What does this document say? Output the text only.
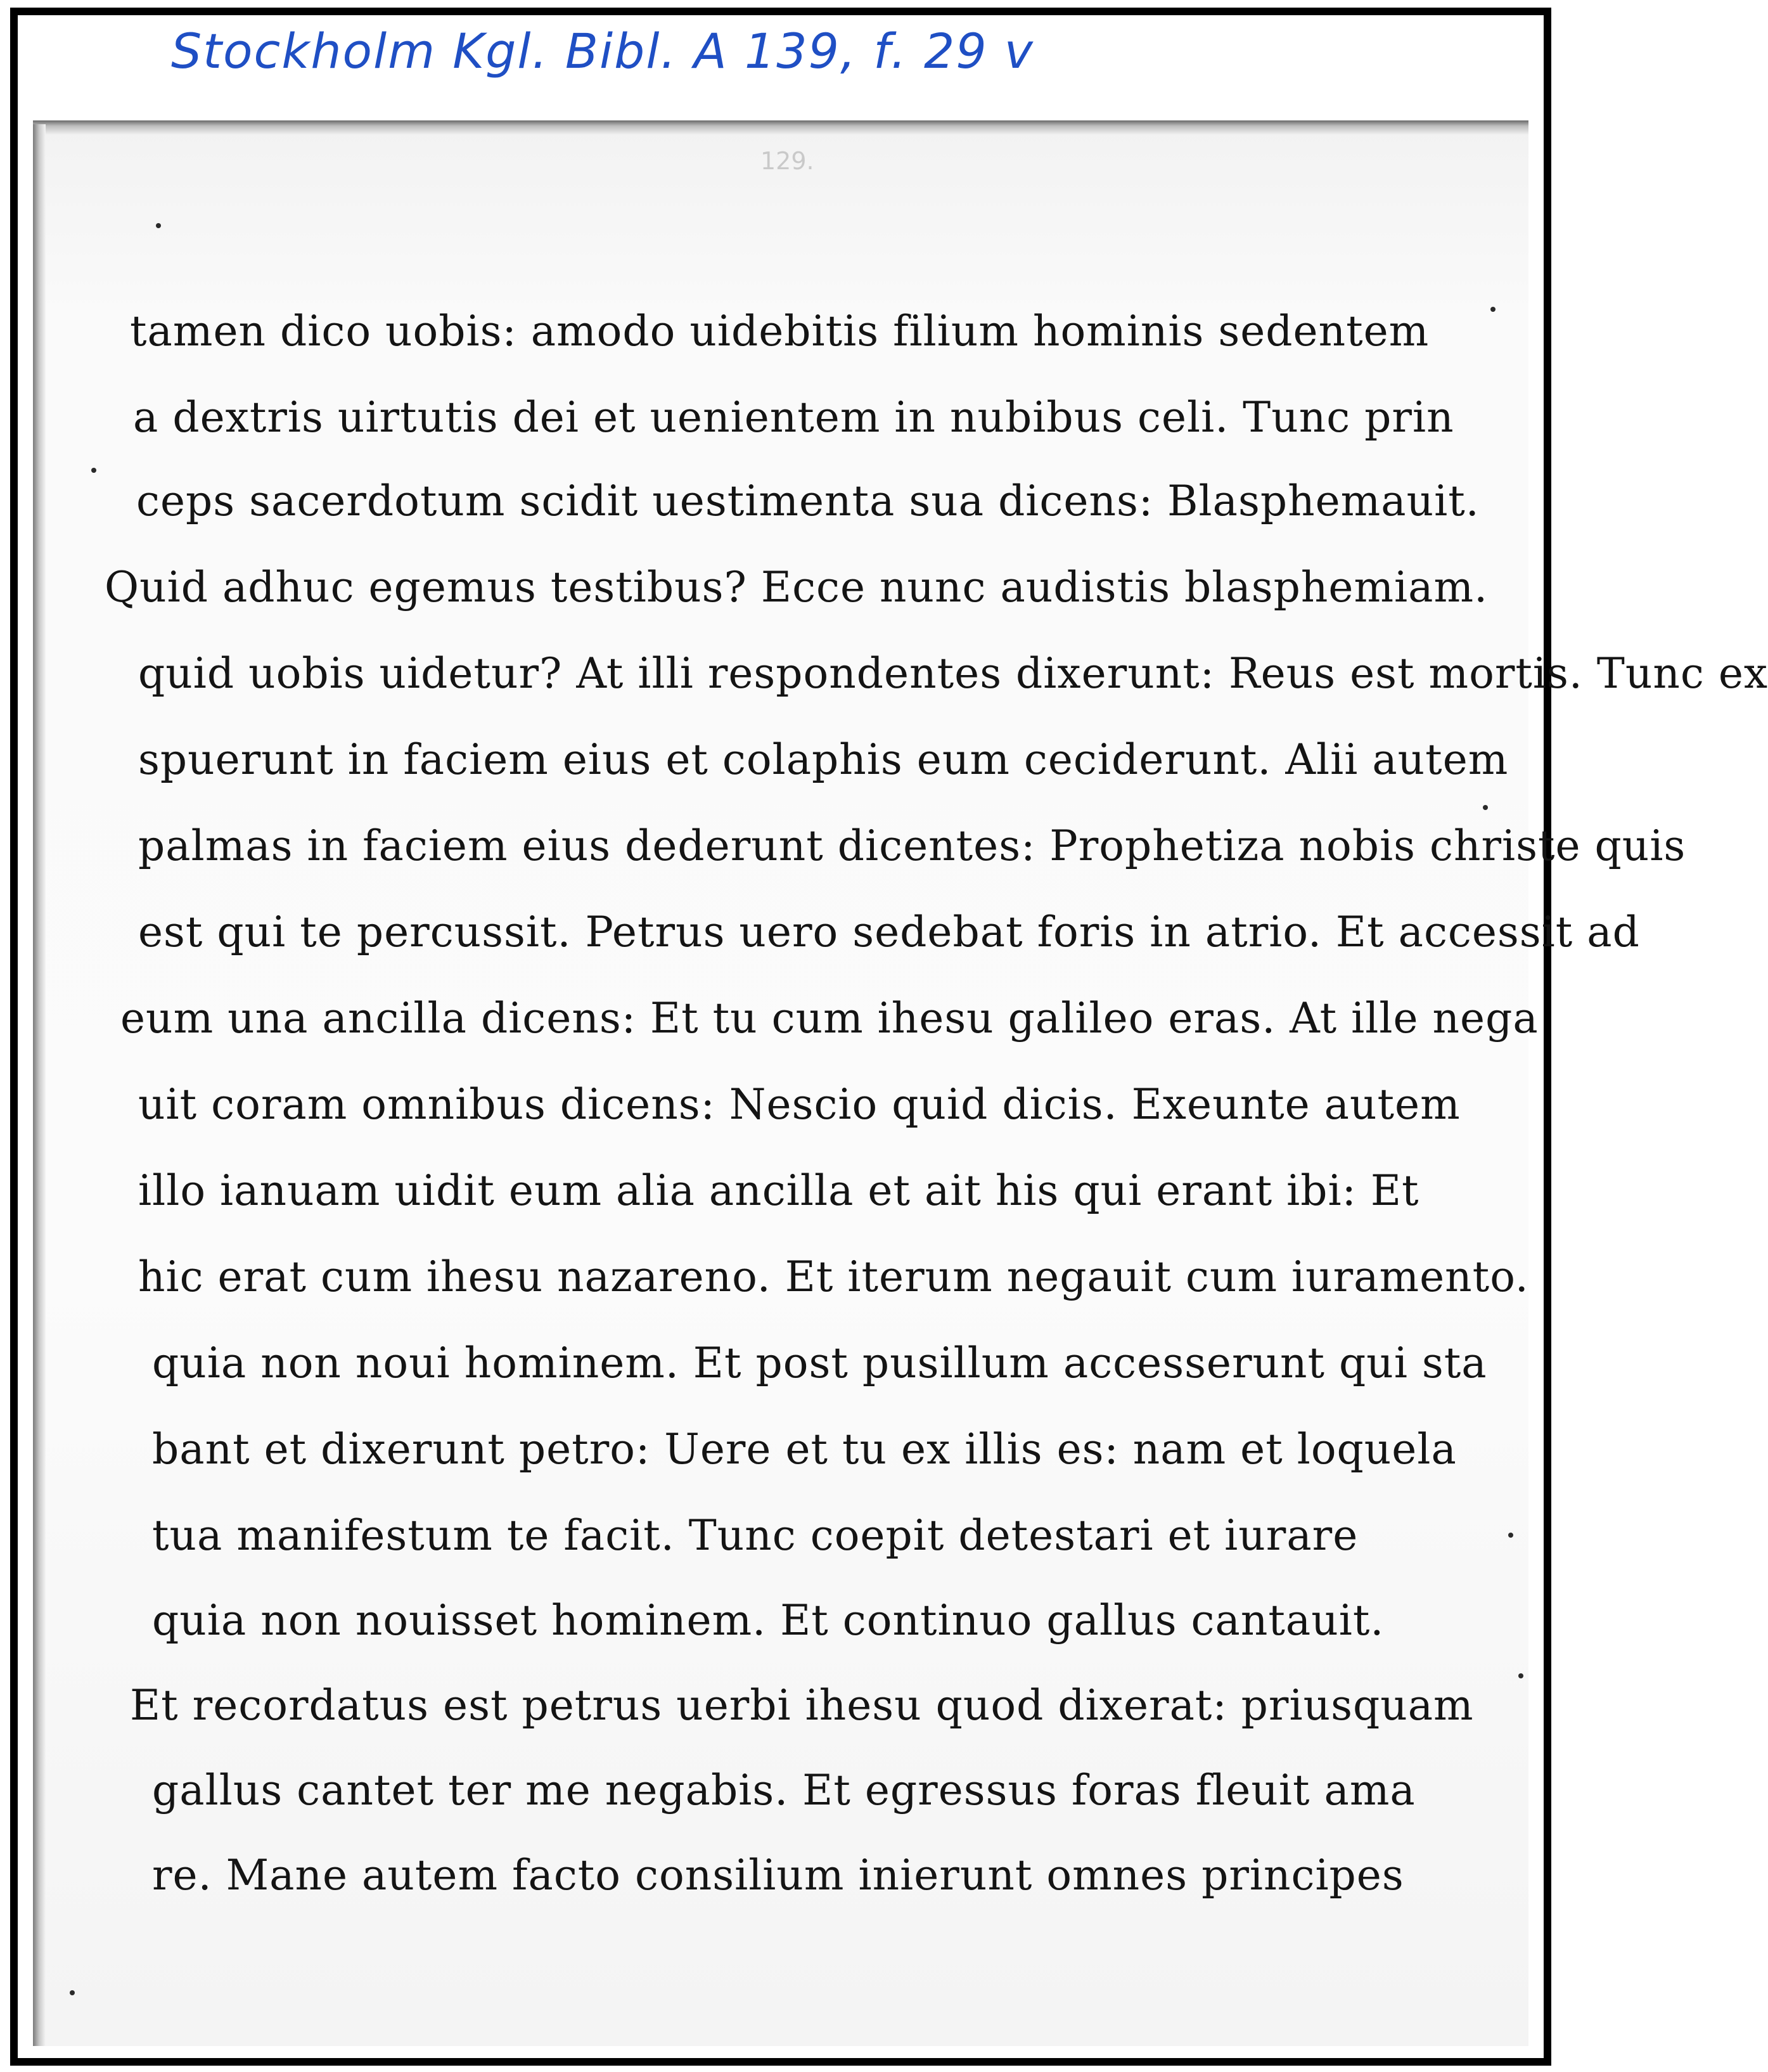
Stockholm Kgl. Bibl. A 139, f. 29 v
129.
tamen dico uobis: amodo uidebitis filium hominis sedentem
a dextris uirtutis dei et uenientem in nubibus celi. Tunc prin
ceps sacerdotum scidit uestimenta sua dicens: Blasphemauit.
Quid adhuc egemus testibus? Ecce nunc audistis blasphemiam.
quid uobis uidetur? At illi respondentes dixerunt: Reus est mortis. Tunc ex
spuerunt in faciem eius et colaphis eum ceciderunt. Alii autem
palmas in faciem eius dederunt dicentes: Prophetiza nobis christe quis
est qui te percussit. Petrus uero sedebat foris in atrio. Et accessit ad
eum una ancilla dicens: Et tu cum ihesu galileo eras. At ille nega
uit coram omnibus dicens: Nescio quid dicis. Exeunte autem
illo ianuam uidit eum alia ancilla et ait his qui erant ibi: Et
hic erat cum ihesu nazareno. Et iterum negauit cum iuramento.
quia non noui hominem. Et post pusillum accesserunt qui sta
bant et dixerunt petro: Uere et tu ex illis es: nam et loquela
tua manifestum te facit. Tunc coepit detestari et iurare
quia non nouisset hominem. Et continuo gallus cantauit.
Et recordatus est petrus uerbi ihesu quod dixerat: priusquam
gallus cantet ter me negabis. Et egressus foras fleuit ama
re. Mane autem facto consilium inierunt omnes principes
